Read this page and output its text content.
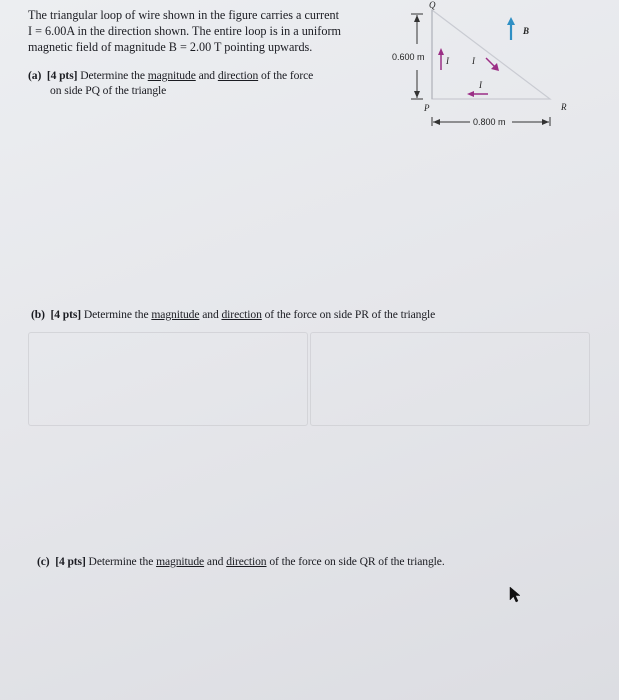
The triangular loop of wire shown in the figure carries a current

I = 6.00A in the direction shown. The entire loop is in a uniform

magnetic field of magnitude B = 2.00 T pointing upwards.

(a) [4 pts] Determine the magnitude and direction of the force
on side PQ of the triangle
0.600 m
Q
P	R
I	I
I
B
0.800 m
(b) [4 pts] Determine the magnitude and direction of the force on side PR of the triangle
(c) [4 pts] Determine the magnitude and direction of the force on side QR of the triangle.
